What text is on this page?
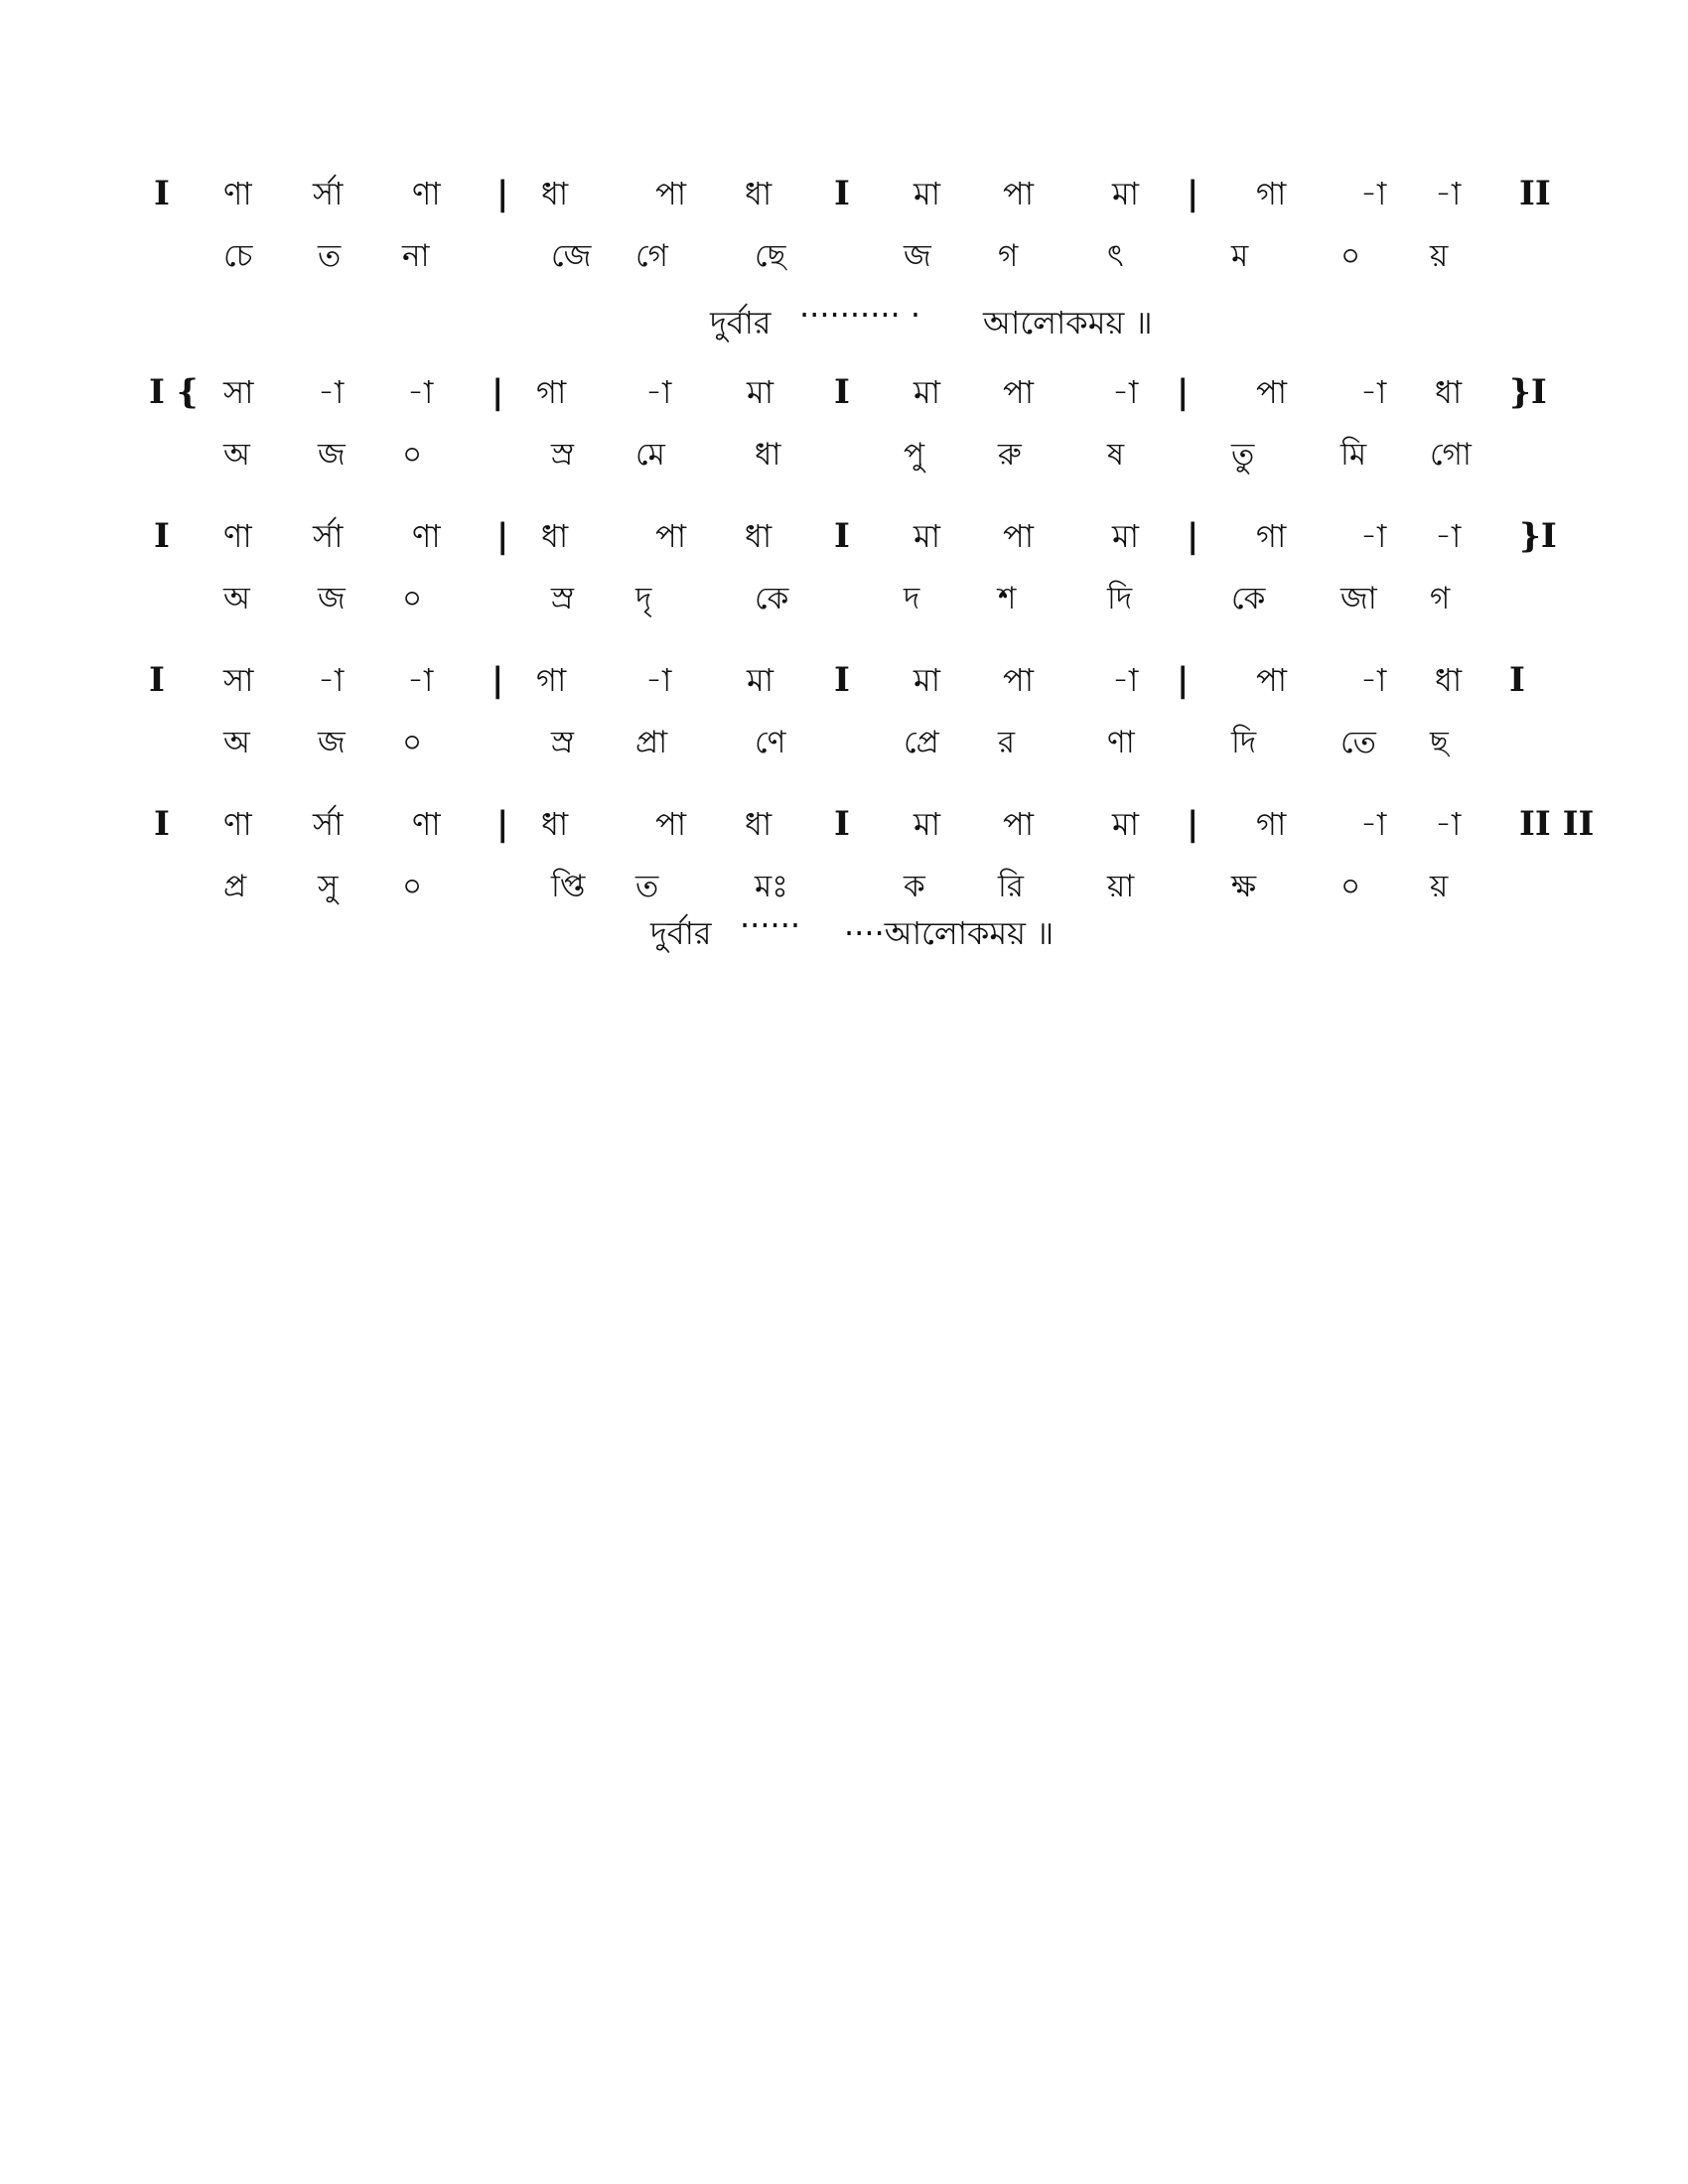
I ণা র্সা ণা | ধা	পা ধা I মা পা মা | গা -া -া II
চে ত না	জে গে	ছে	জ গ	ৎ	ম	০ য়
I { সা -া -া | গা -া মা I মা পা -া | পা -া ধা }I
অ জ ০	স্র মে	ধা	পু রু	ষ	তু	মি গো
I ণা র্সা ণা | ধা	পা ধা I মা পা মা | গা -া -া }I
অ জ ০	স্র দৃ	কে	দ	শ	দি	কে জা গ
I সা -া -া | গা -া মা I মা পা -া | পা -া ধা I
অ জ ০	স্র প্রা	ণে	প্রে র	ণা	দি	তে ছ
I ণা র্সা ণা | ধা	পা ধা I মা পা মা | গা -া -া II II
প্র সু ০	প্তি ত	মঃ	ক রি	য়া	ক্ষ	০ য়
দুর্বার ·········· · আলোকময় ॥
দুর্বার ······ ····আলোকময় ॥
